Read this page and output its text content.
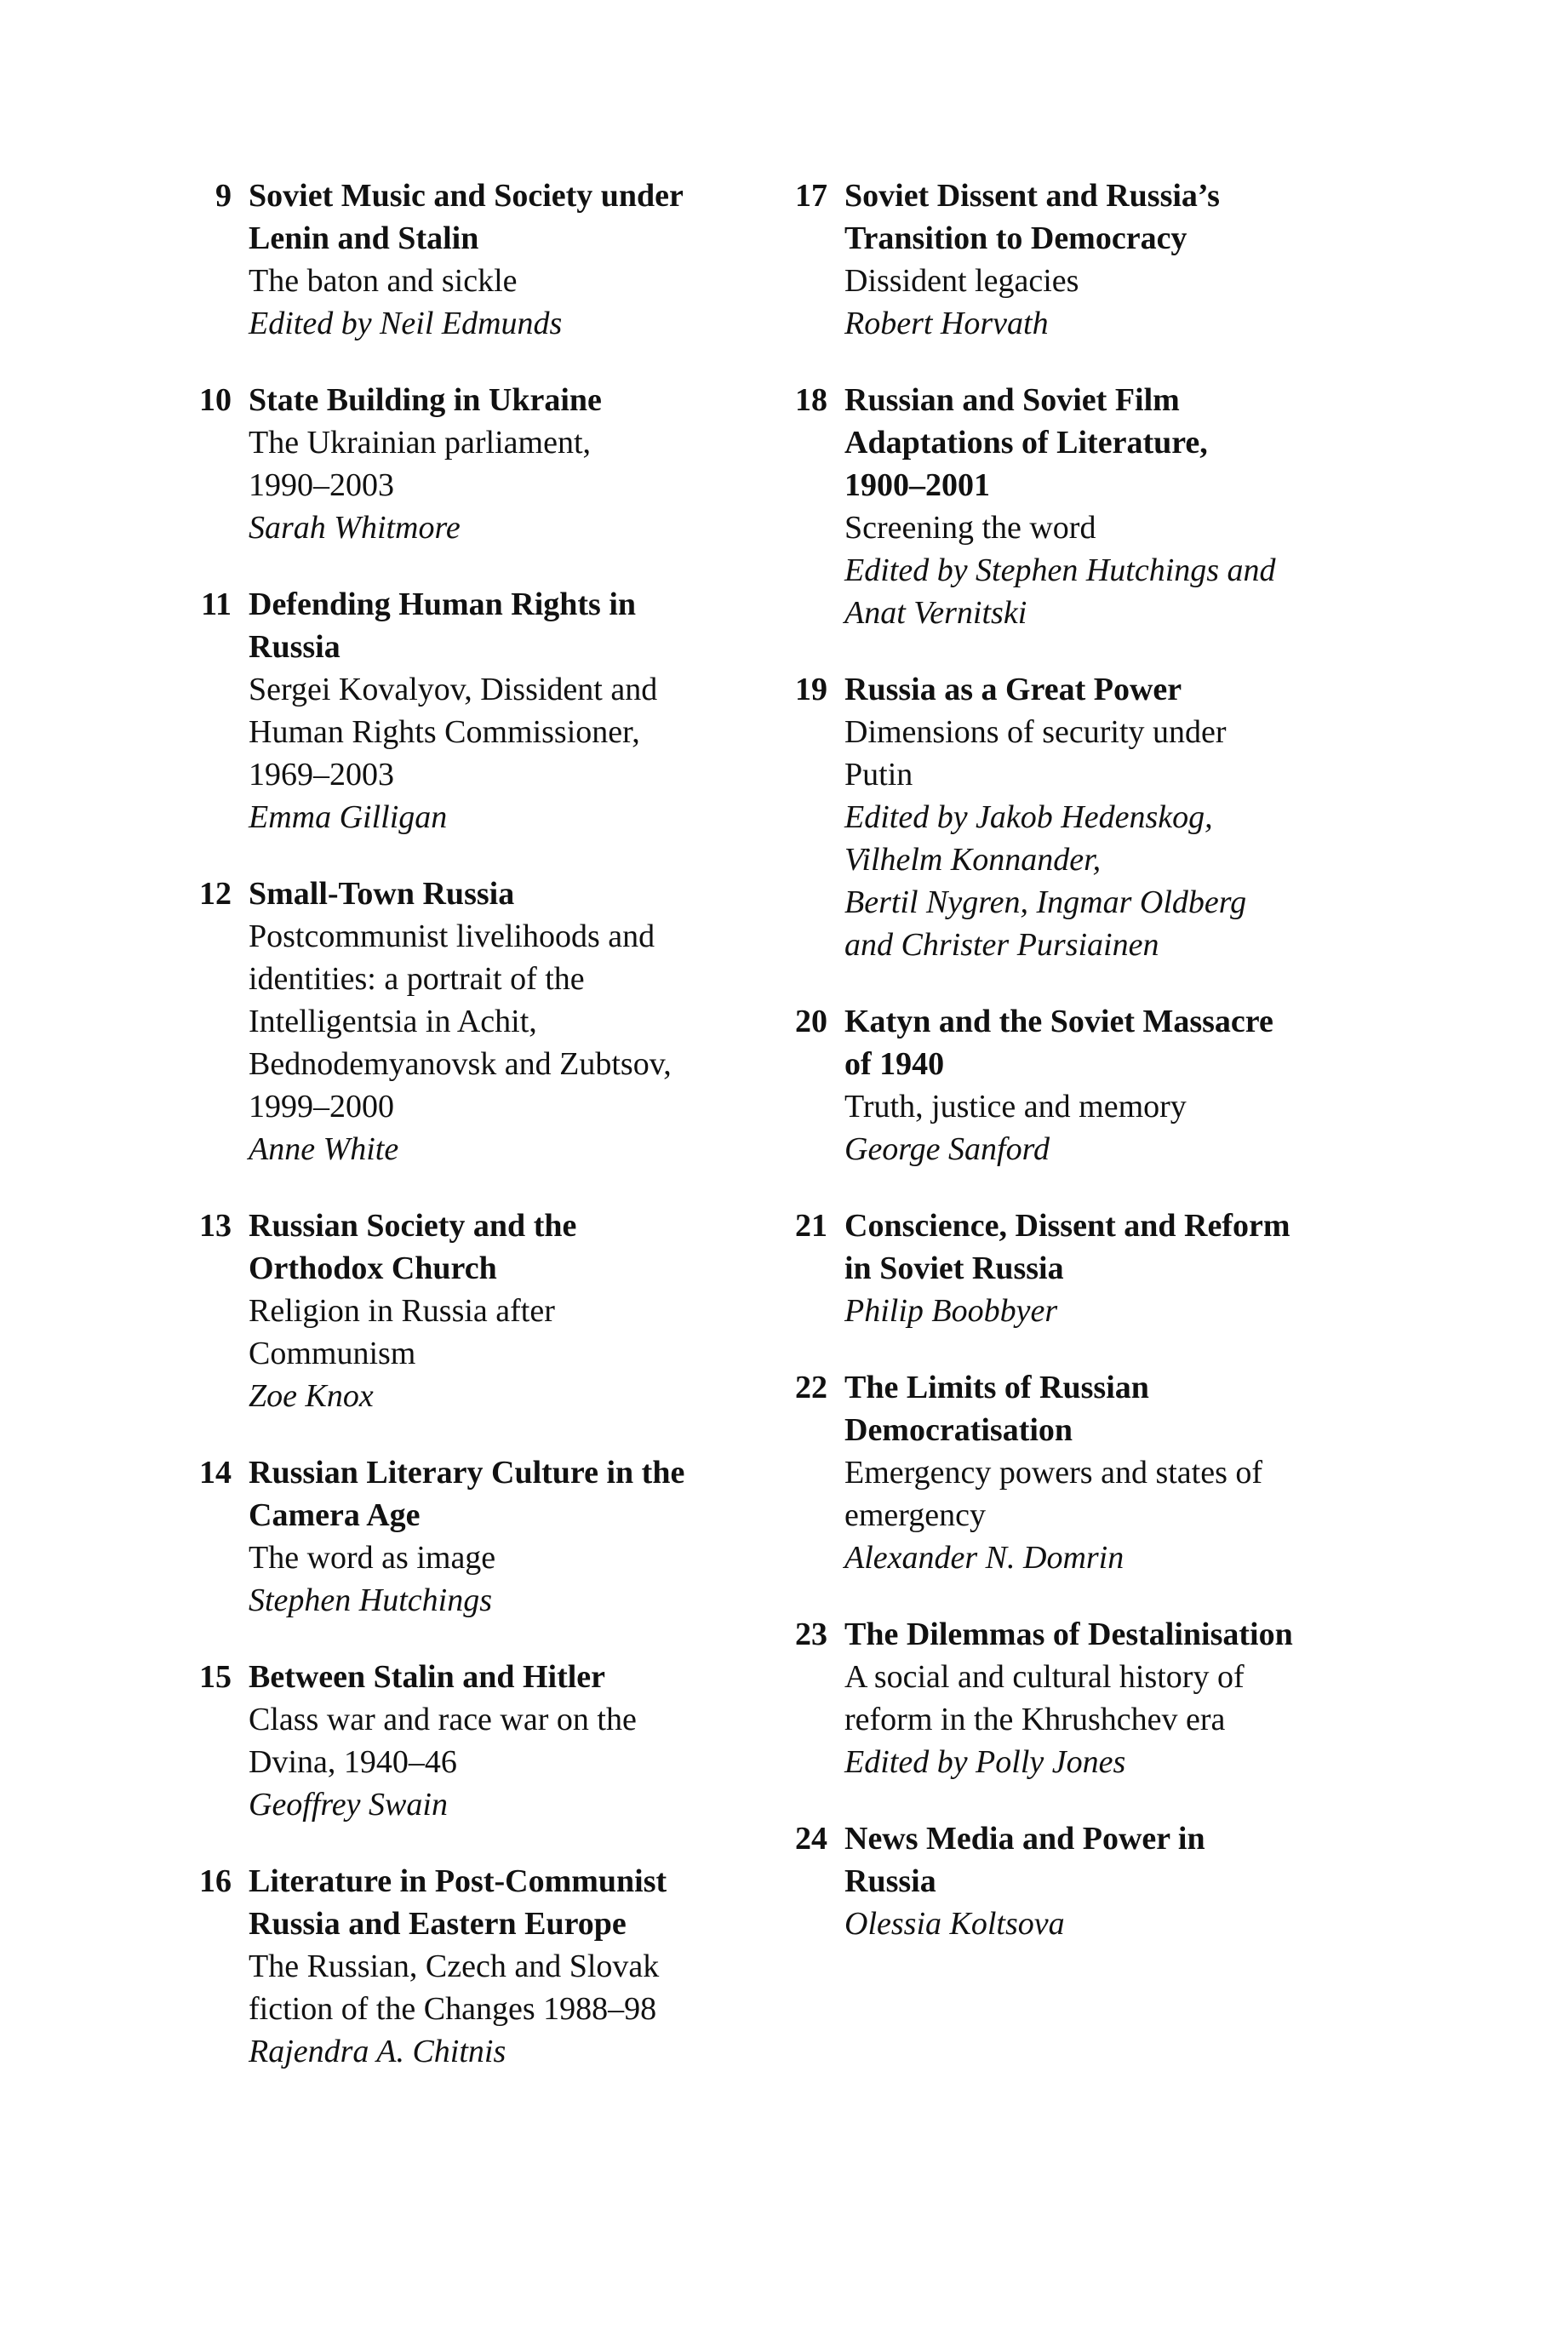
9 Soviet Music and Society under
Lenin and Stalin
The baton and sickle
Edited by Neil Edmunds
10 State Building in Ukraine
The Ukrainian parliament,
1990–2003
Sarah Whitmore
11 Defending Human Rights in
Russia
Sergei Kovalyov, Dissident and
Human Rights Commissioner,
1969–2003
Emma Gilligan
12 Small-Town Russia
Postcommunist livelihoods and
identities: a portrait of the
Intelligentsia in Achit,
Bednodemyanovsk and Zubtsov,
1999–2000
Anne White
13 Russian Society and the
Orthodox Church
Religion in Russia after
Communism
Zoe Knox
14 Russian Literary Culture in the
Camera Age
The word as image
Stephen Hutchings
15 Between Stalin and Hitler
Class war and race war on the
Dvina, 1940–46
Geoffrey Swain
16 Literature in Post-Communist
Russia and Eastern Europe
The Russian, Czech and Slovak
fiction of the Changes 1988–98
Rajendra A. Chitnis
17 Soviet Dissent and Russia’s
Transition to Democracy
Dissident legacies
Robert Horvath
18 Russian and Soviet Film
Adaptations of Literature,
1900–2001
Screening the word
Edited by Stephen Hutchings and
Anat Vernitski
19 Russia as a Great Power
Dimensions of security under
Putin
Edited by Jakob Hedenskog,
Vilhelm Konnander,
Bertil Nygren, Ingmar Oldberg
and Christer Pursiainen
20 Katyn and the Soviet Massacre
of 1940
Truth, justice and memory
George Sanford
21 Conscience, Dissent and Reform
in Soviet Russia
Philip Boobbyer
22 The Limits of Russian
Democratisation
Emergency powers and states of
emergency
Alexander N. Domrin
23 The Dilemmas of Destalinisation
A social and cultural history of
reform in the Khrushchev era
Edited by Polly Jones
24 News Media and Power in
Russia
Olessia Koltsova
